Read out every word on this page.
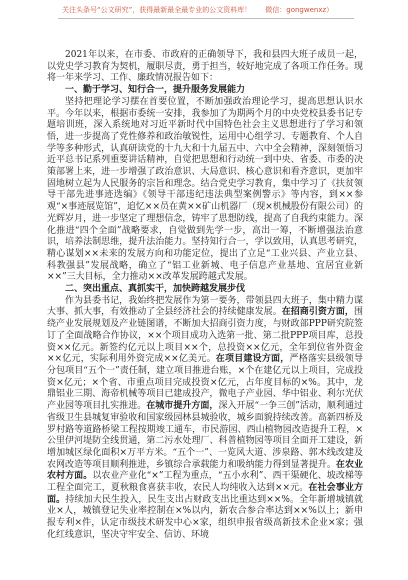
关注头条号“公文研究”，获得最新最全最专业的公文资料库！ 微信：gongwenxz）

2021年以来，在市委、市政府的正确领导下，我和县四大班子成员一起，以党史学习教育为契机，履职尽责，勇于担当，较好地完成了各项工作任务。现将一年来学习、工作、廉政情况报告如下：

一、勤于学习、知行合一，提升服务发展能力

坚持把理论学习摆在首要位置，不断加强政治理论学习，提高思想认识水平。今年以来，根据市委统一安排，我参加了为期两个月的中央党校县委书记专题培训班，深入系统地对习近平新时代中国特色社会主义思想进行了学习和领悟，进一步提高了党性修养和政治敏锐性，运用中心组学习、专题教育、个人自学等多种形式，认真研读党的十九大和十九届五中、六中全会精神，深刻领悟习近平总书记系列重要讲话精神，自觉把思想和行动统一到中央、省委、市委的决策部署上来，进一步增强了政治意识、大局意识、核心意识和看齐意识，更加牢固地树立起为人民服务的宗旨和理念。结合党史学习教育，集中学习了《扶贫领导干部先进事迹选编》《领导干部违纪违法典型案例警示》等内容，到××参观“×事迹展览馆”，追忆××员在黄××矿山机器厂（现×机械股份有限公司）的光辉岁月，进一步坚定了理想信念，铸牢了思想防线，提高了自我约束能力。深化推进“四个全面”战略要求，自觉做到先学一步，高出一筹，不断增强法治意识，培养法制思维，提升法治能力。坚持知行合一，学以致用，认真思考研究，精心谋划××未来的发展方向和功能定位，提出了立足“工业兴县、产业立县、科教强县”发展战略，确立了“铝工业新城、电子信息产业基地、宜居宜业新××”三大目标，全力推动××改革发展跨越式发展。

二、突出重点、真抓实干，加快跨越发展步伐

作为县委书记，我始终把发展作为第一要务，带领县四大班子，集中精力谋大事、抓大事，有效推动了全县经济社会的持续健康发展。在招商引资方面，围绕产业发展规划及产业链图谱，不断加大招商引资力度，与财政部PPP研究院签订了全面战略合作协议，××个项目成功入选第一批、第二批PPP项目库，总投资××亿元。新签约亿元以上项目××个，总投资××亿元，全年到位省外资金××亿元，实际利用外资完成××亿美元。在项目建设方面，严格落实县级领导分包项目“五个一”责任制，建立项目推进台账，×个在建亿元以上项目，完成投资×亿元；×个省、市重点项目完成投资×亿元，占年度目标的×%。其中，龙鼎铝业三期、海帝机械等项目已建成投产，微电子产业园、华中铝业、利尔光伏产业园等项目扎实推进。在城市提升方面，深入开展“一争三创”活动，顺利通过省级卫生县城复审验收和国家级园林县城验收，城乡面貌持续改善。高新四桥及罗村路等道路桥梁工程按期竣工通车，市民游园、西山植物园改造提升工程，×公里伊河堤防全线贯通，第二污水处理厂、科普植物园等项目全面开工建设，新增加城区绿化面积×万平方米。“五个一”、一览风大道、涉泉路、郭木线改建及农网改造等项目顺利推进，乡镇综合承载能力和吸纳能力得到显著提升。在农业农村方面。以农业产业化“×”工程为重点，“五小水利”、西干渠硬化、坡改梯等工程全面完工，夏秋粮食喜获丰收，农民人均纯收入达到××元。在社会事业方面。持续加大民生投入，民生支出占财政支出比重达到××%。全年新增城镇就业×人，城镇登记失业率控制在×%以内，新农合参合率达到××%以上；新申报专利×件，认定市级技术研发中心×家，组织申报省级高新技术企业×家；强化红线意识，坚决守牢安全、信访、环境
